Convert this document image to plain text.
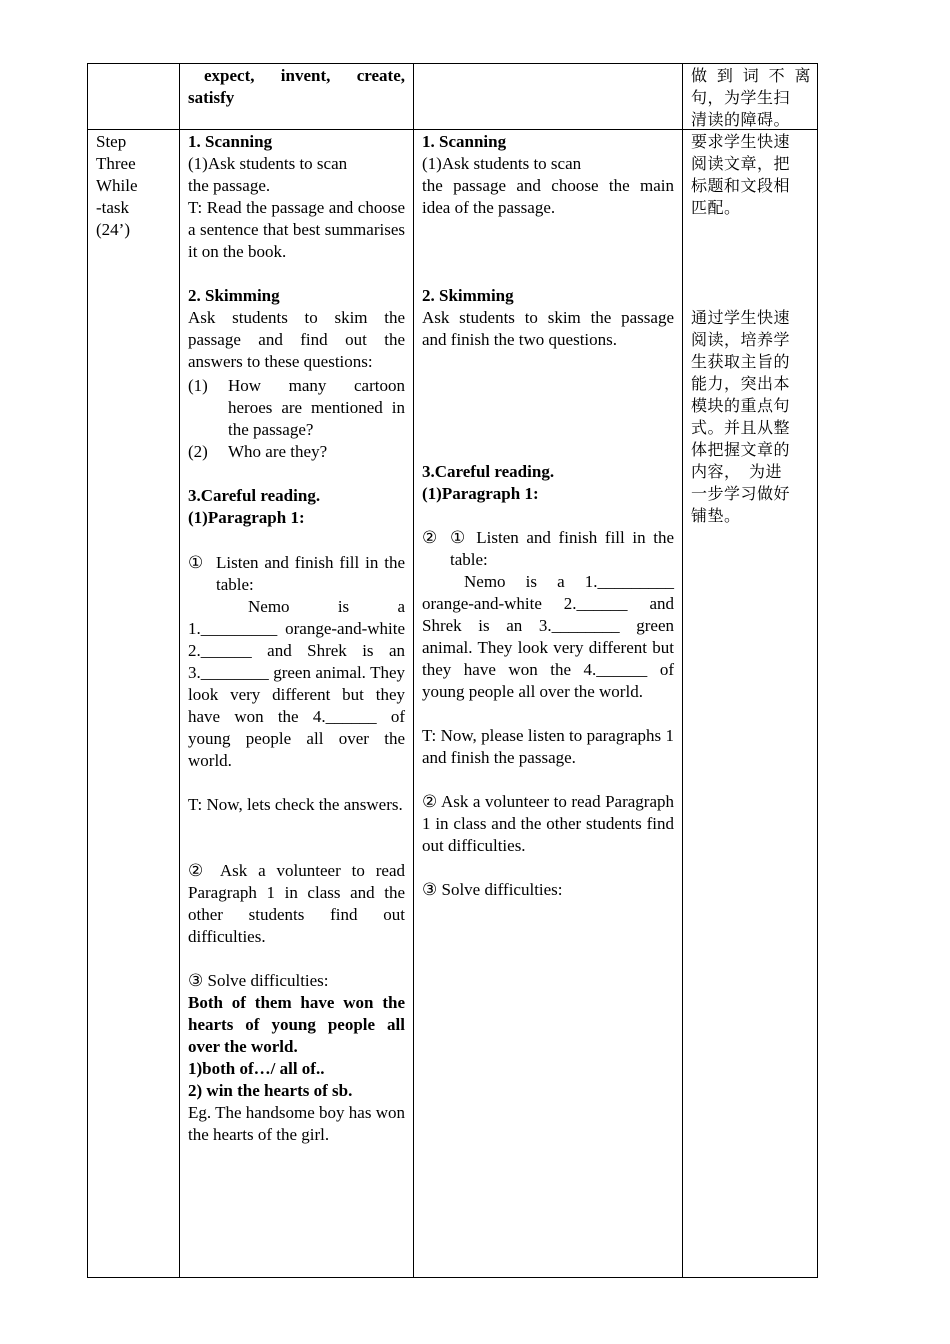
expect, invent, create,

satisfy

做到词不离

句，为学生扫

清读的障碍。

Step

Three

While

-task

(24’)

1. Scanning

(1)Ask students to scan

the passage.

T: Read the passage and choose a sentence that best summarises it on the book.

2. Skimming

Ask students to skim the passage and find out the answers to these questions:

(1)	How many cartoon heroes are mentioned in the passage?
(2)	Who are they?

3.Careful reading.

(1)Paragraph 1:

① Listen and finish fill in the table:

Nemo is a 1._________ orange-and-white 2.______ and Shrek is an 3.________ green animal. They look very different but they have won the 4.______ of young people all over the world.

T: Now, lets check the answers.

② Ask a volunteer to read Paragraph 1 in class and the other students find out difficulties.

③ Solve difficulties:

Both of them have won the hearts of young people all over the world.

1)both of…/ all of..

2) win the hearts of sb.

Eg. The handsome boy has won the hearts of the girl.

1. Scanning

(1)Ask students to scan

the passage and choose the main idea of the passage.

2. Skimming

Ask students to skim the passage and finish the two questions.

3.Careful reading.

(1)Paragraph 1:

② ① Listen and finish fill in the table:

Nemo is a 1._________ orange-and-white 2.______ and Shrek is an 3.________ green animal. They look very different but they have won the 4.______ of young people all over the world.

T: Now, please listen to paragraphs 1 and finish the passage.

② Ask a volunteer to read Paragraph 1 in class and the other students find out difficulties.

③ Solve difficulties:

要求学生快速

阅读文章，把

标题和文段相

匹配。

通过学生快速

阅读，培养学

生获取主旨的

能力，突出本

模块的重点句

式。并且从整

体把握文章的

内容，　为进

一步学习做好

铺垫。
